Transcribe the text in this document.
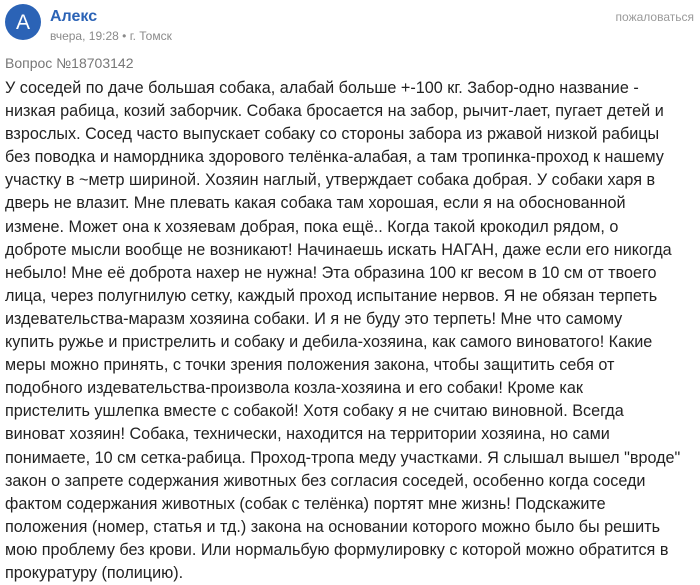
А Алекс
вчера, 19:28 • г. Томск
пожаловаться
Вопрос №18703142
У соседей по даче большая собака, алабай больше +-100 кг. Забор-одно название -
низкая рабица, козий заборчик. Собака бросается на забор, рычит-лает, пугает детей и
взрослых. Сосед часто выпускает собаку со стороны забора из ржавой низкой рабицы
без поводка и намордника здорового телёнка-алабая, а там тропинка-проход к нашему
участку в ~метр шириной. Хозяин наглый, утверждает собака добрая. У собаки харя в
дверь не влазит. Мне плевать какая собака там хорошая, если я на обоснованной
измене. Может она к хозяевам добрая, пока ещё.. Когда такой крокодил рядом, о
доброте мысли вообще не возникают! Начинаешь искать НАГАН, даже если его никогда
небыло! Мне её доброта нахер не нужна! Эта образина 100 кг весом в 10 см от твоего
лица, через полугнилую сетку, каждый проход испытание нервов. Я не обязан терпеть
издевательства-маразм хозяина собаки. И я не буду это терпеть! Мне что самому
купить ружье и пристрелить и собаку и дебила-хозяина, как самого виноватого! Какие
меры можно принять, с точки зрения положения закона, чтобы защитить себя от
подобного издевательства-произвола козла-хозяина и его собаки! Кроме как
пристелить ушлепка вместе с собакой! Хотя собаку я не считаю виновной. Всегда
виноват хозяин! Собака, технически, находится на территории хозяина, но сами
понимаете, 10 см сетка-рабица. Проход-тропа меду участками. Я слышал вышел "вроде"
закон о запрете содержания животных без согласия соседей, особенно когда соседи
фактом содержания животных (собак с телёнка) портят мне жизнь! Подскажите
положения (номер, статья и тд.) закона на основании которого можно было бы решить
мою проблему без крови. Или нормальбую формулировку с которой можно обратится в
прокуратуру (полицию).
